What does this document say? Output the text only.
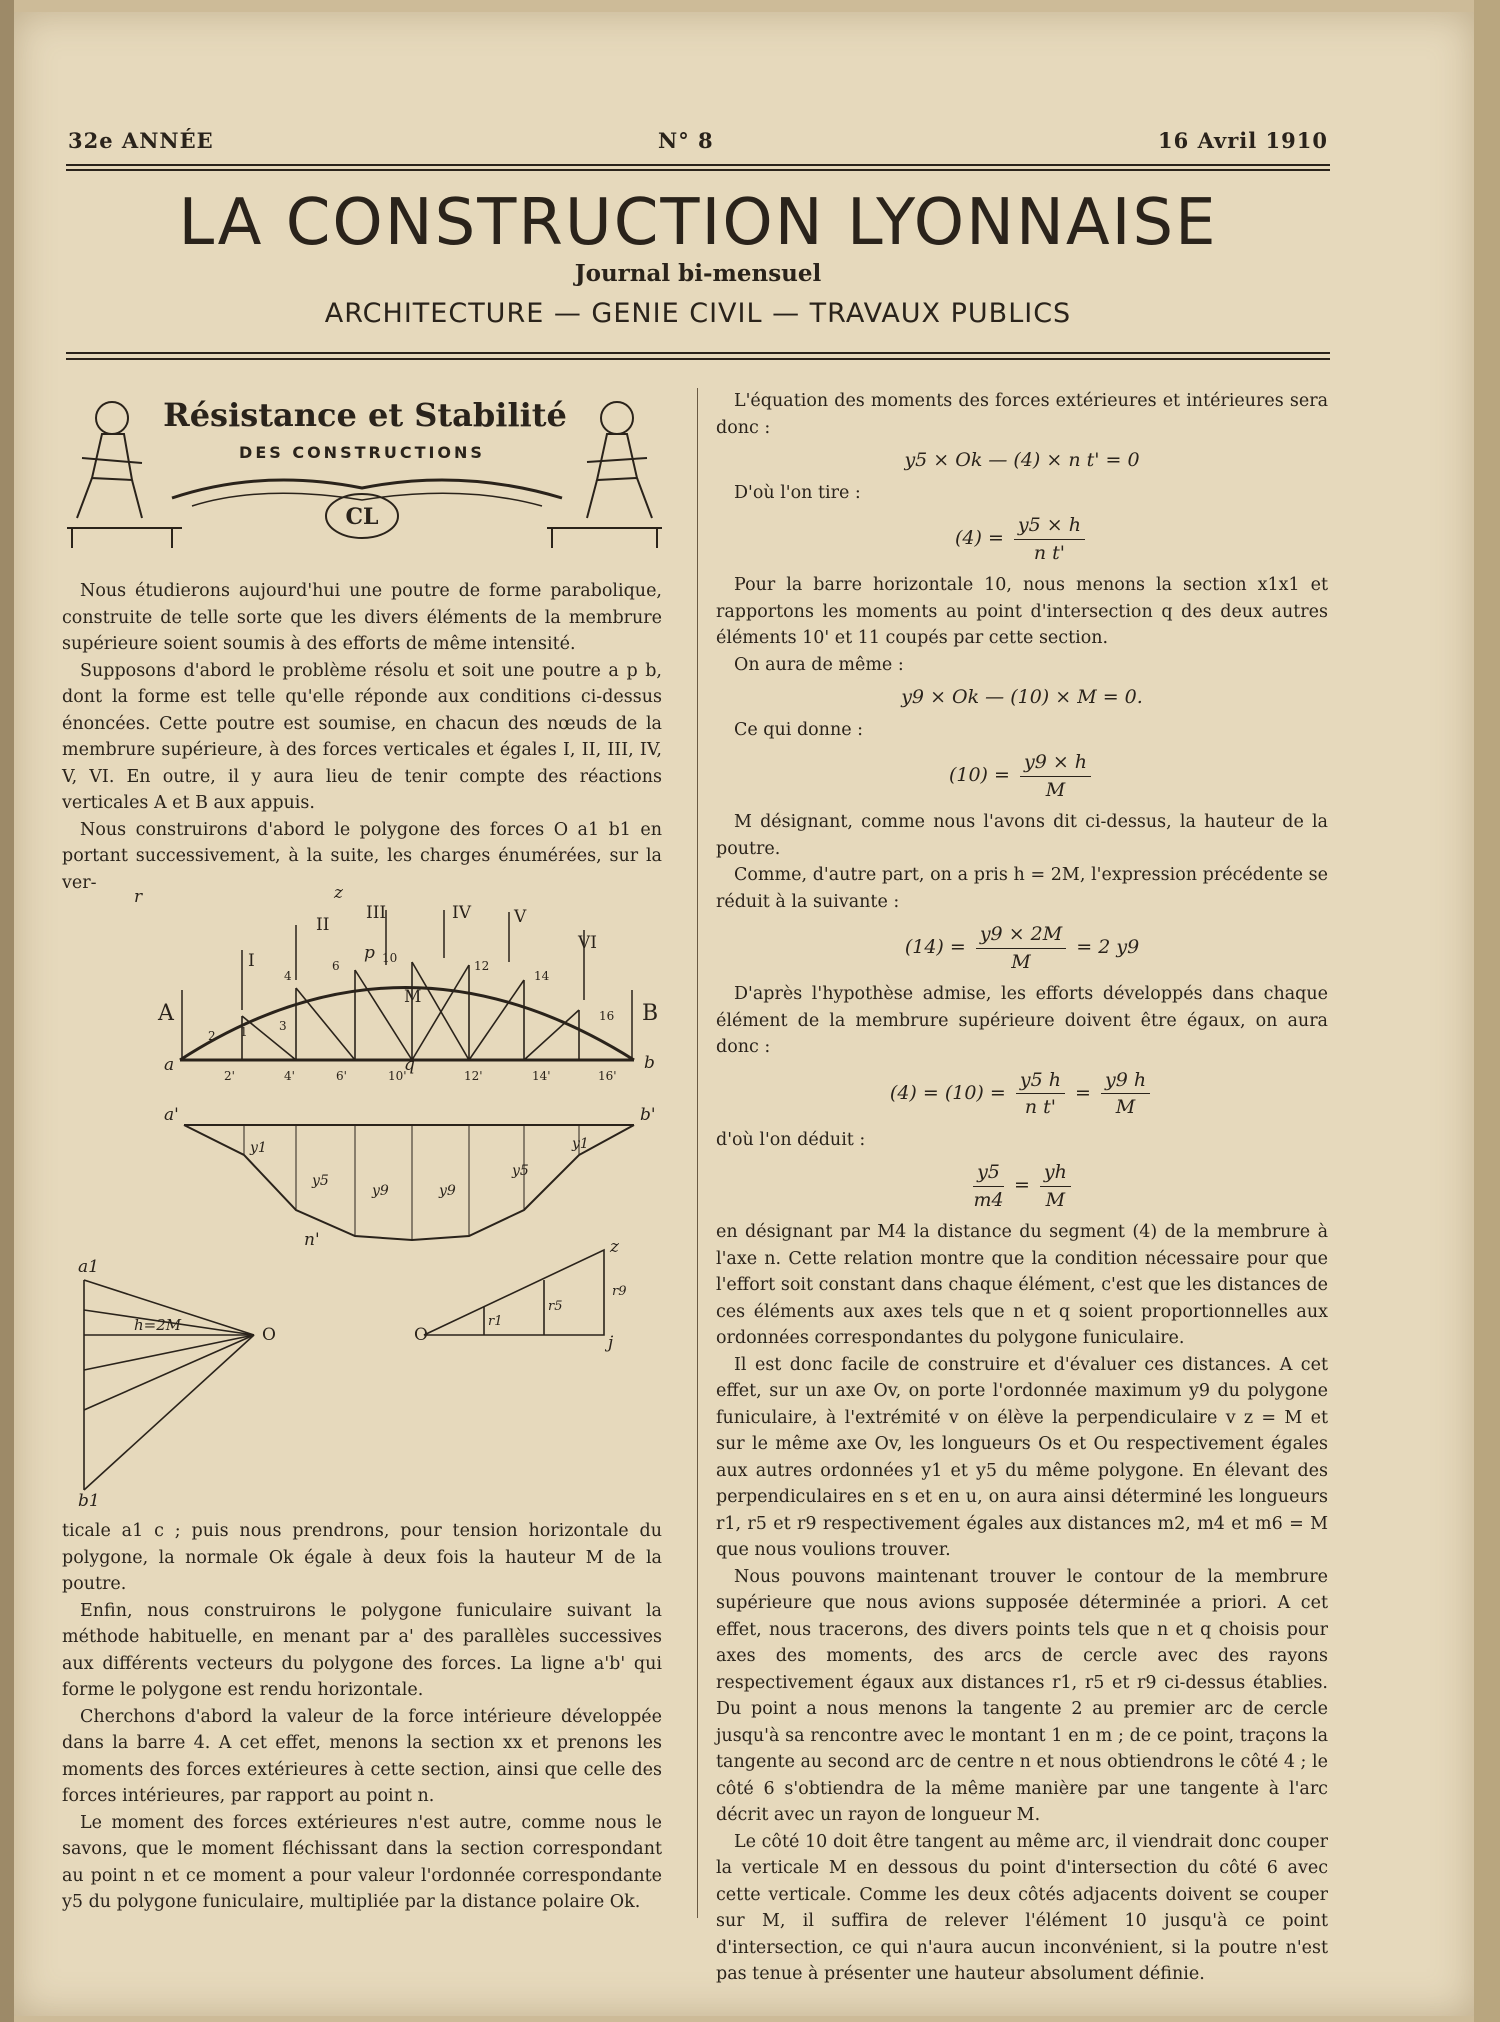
32e ANNÉE	N° 8	16 Avril 1910
LA CONSTRUCTION LYONNAISE
Journal bi-mensuel
ARCHITECTURE — GENIE CIVIL — TRAVAUX PUBLICS
CL
Résistance et Stabilité
DES CONSTRUCTIONS

Nous étudierons aujourd'hui une poutre de forme parabolique, construite de telle sorte que les divers éléments de la membrure supérieure soient soumis à des efforts de même intensité.

Supposons d'abord le problème résolu et soit une poutre a p b, dont la forme est telle qu'elle réponde aux conditions ci-dessus énoncées. Cette poutre est soumise, en chacun des nœuds de la membrure supérieure, à des forces verticales et égales I, II, III, IV, V, VI. En outre, il y aura lieu de tenir compte des réactions verticales A et B aux appuis.

Nous construirons d'abord le polygone des forces O a1 b1 en portant successivement, à la suite, les charges énumérées, sur la ver-

I
II
III	IV	V
VI
A	B
a	b
M
q
p
r	z
2 1	3
4
6
10
12
14
16
2'	4'	6'	10'	12'	14'	16'
a'	b'
n'
y1
y5
y9	y9
y5
y1
a1
b1
O
h=2M	O
z
j
r9
r5
r1

ticale a1 c ; puis nous prendrons, pour tension horizontale du polygone, la normale Ok égale à deux fois la hauteur M de la poutre.

Enfin, nous construirons le polygone funiculaire suivant la méthode habituelle, en menant par a' des parallèles successives aux différents vecteurs du polygone des forces. La ligne a'b' qui forme le polygone est rendu horizontale.

Cherchons d'abord la valeur de la force intérieure développée dans la barre 4. A cet effet, menons la section xx et prenons les moments des forces extérieures à cette section, ainsi que celle des forces intérieures, par rapport au point n.

Le moment des forces extérieures n'est autre, comme nous le savons, que le moment fléchissant dans la section correspondant au point n et ce moment a pour valeur l'ordonnée correspondante y5 du polygone funiculaire, multipliée par la distance polaire Ok.

L'équation des moments des forces extérieures et intérieures sera donc :

y5 × Ok — (4) × n t' = 0

D'où l'on tire :

$(4) = \frac{y5 \times h}{\text{n t'}}$

Pour la barre horizontale 10, nous menons la section x1x1 et rapportons les moments au point d'intersection q des deux autres éléments 10' et 11 coupés par cette section.

On aura de même :

y9 × Ok — (10) × M = 0.

Ce qui donne :

$(10) = \frac{y9 \times h}{M}$

M désignant, comme nous l'avons dit ci-dessus, la hauteur de la poutre.

Comme, d'autre part, on a pris h = 2M, l'expression précédente se réduit à la suivante :

$(14) = \frac{y9 \times 2M}{M} = 2$ y9

D'après l'hypothèse admise, les efforts développés dans chaque élément de la membrure supérieure doivent être égaux, on aura donc :

$(4) = (10) = \frac{y5 h}{\text{n t'}} = \frac{y9 h}{M}$

d'où l'on déduit :

$\frac{y5}{m4} = \frac{yh}{M}$

en désignant par M4 la distance du segment (4) de la membrure à l'axe n. Cette relation montre que la condition nécessaire pour que l'effort soit constant dans chaque élément, c'est que les distances de ces éléments aux axes tels que n et q soient proportionnelles aux ordonnées correspondantes du polygone funiculaire.

Il est donc facile de construire et d'évaluer ces distances. A cet effet, sur un axe Ov, on porte l'ordonnée maximum y9 du polygone funiculaire, à l'extrémité v on élève la perpendiculaire v z = M et sur le même axe Ov, les longueurs Os et Ou respectivement égales aux autres ordonnées y1 et y5 du même polygone. En élevant des perpendiculaires en s et en u, on aura ainsi déterminé les longueurs r1, r5 et r9 respectivement égales aux distances m2, m4 et m6 = M que nous voulions trouver.

Nous pouvons maintenant trouver le contour de la membrure supérieure que nous avions supposée déterminée a priori. A cet effet, nous tracerons, des divers points tels que n et q choisis pour axes des moments, des arcs de cercle avec des rayons respectivement égaux aux distances r1, r5 et r9 ci-dessus établies. Du point a nous menons la tangente 2 au premier arc de cercle jusqu'à sa rencontre avec le montant 1 en m ; de ce point, traçons la tangente au second arc de centre n et nous obtiendrons le côté 4 ; le côté 6 s'obtiendra de la même manière par une tangente à l'arc décrit avec un rayon de longueur M.

Le côté 10 doit être tangent au même arc, il viendrait donc couper la verticale M en dessous du point d'intersection du côté 6 avec cette verticale. Comme les deux côtés adjacents doivent se couper sur M, il suffira de relever l'élément 10 jusqu'à ce point d'intersection, ce qui n'aura aucun inconvénient, si la poutre n'est pas tenue à présenter une hauteur absolument définie.
